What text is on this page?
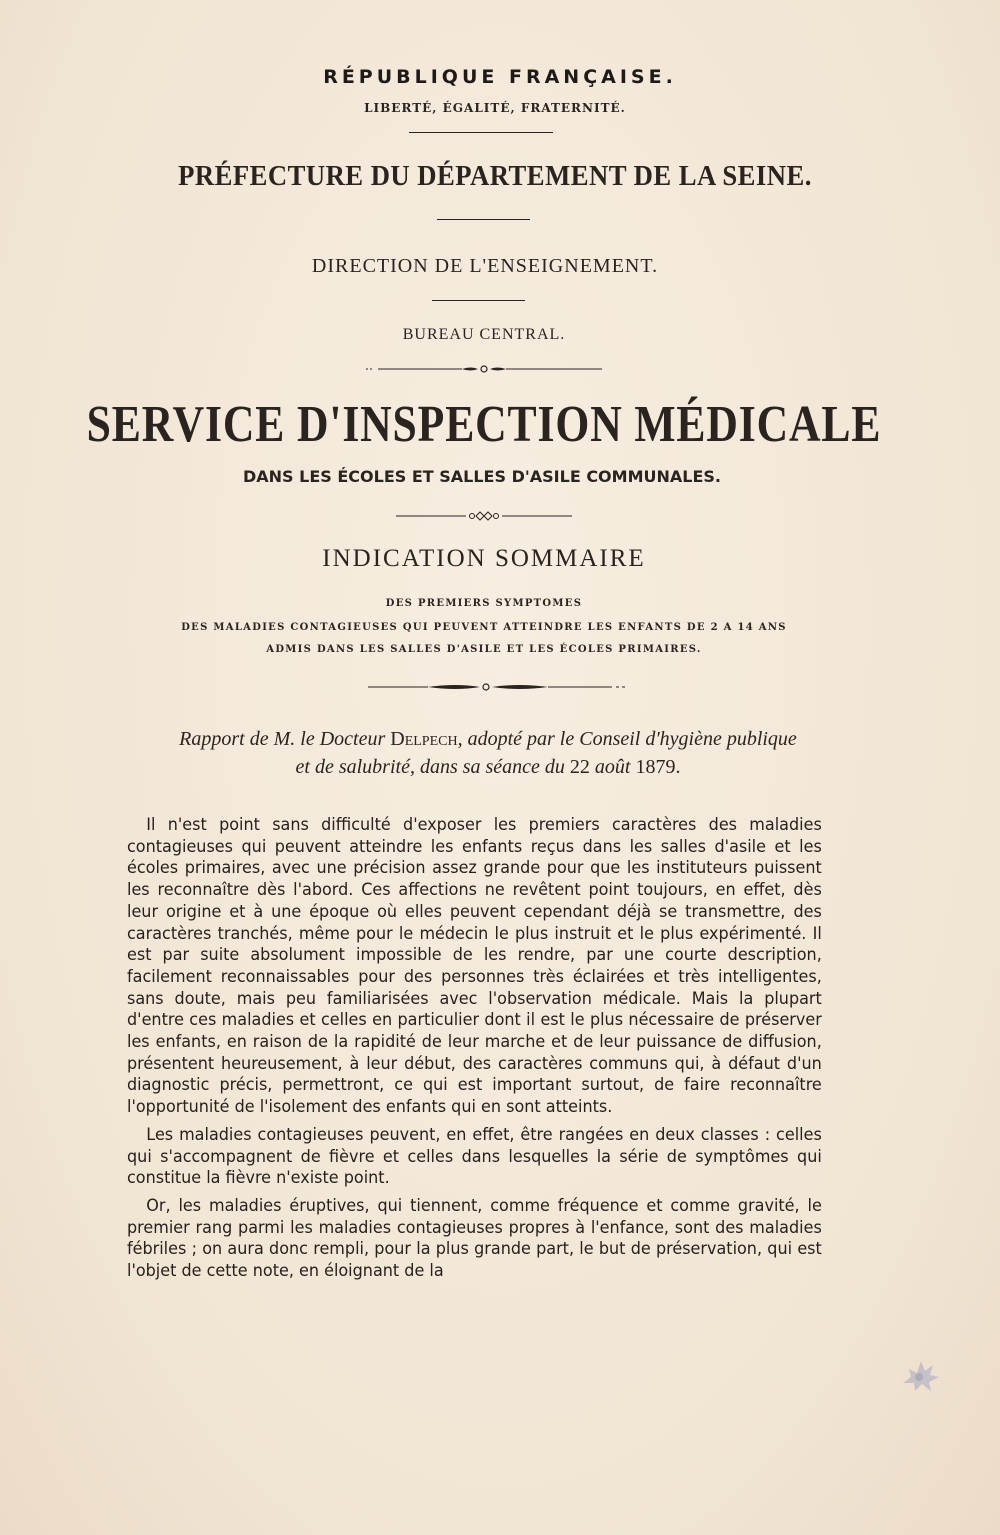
RÉPUBLIQUE FRANÇAISE.
LIBERTÉ, ÉGALITÉ, FRATERNITÉ.
PRÉFECTURE DU DÉPARTEMENT DE LA SEINE.
DIRECTION DE L'ENSEIGNEMENT.
BUREAU CENTRAL.
SERVICE D'INSPECTION MÉDICALE
DANS LES ÉCOLES ET SALLES D'ASILE COMMUNALES.
INDICATION SOMMAIRE
DES PREMIERS SYMPTOMES
DES MALADIES CONTAGIEUSES QUI PEUVENT ATTEINDRE LES ENFANTS DE 2 A 14 ANS
ADMIS DANS LES SALLES D'ASILE ET LES ÉCOLES PRIMAIRES.
Rapport de M. le Docteur Delpech, adopté par le Conseil d'hygiène publique
et de salubrité, dans sa séance du 22 août 1879.

Il n'est point sans difficulté d'exposer les premiers caractères des maladies contagieuses qui peuvent atteindre les enfants reçus dans les salles d'asile et les écoles primaires, avec une précision assez grande pour que les instituteurs puissent les reconnaître dès l'abord. Ces affections ne revêtent point toujours, en effet, dès leur origine et à une époque où elles peuvent cependant déjà se transmettre, des caractères tranchés, même pour le médecin le plus instruit et le plus expérimenté. Il est par suite absolument impossible de les rendre, par une courte description, facilement reconnaissables pour des personnes très éclairées et très intelligentes, sans doute, mais peu familiarisées avec l'observation médicale. Mais la plupart d'entre ces maladies et celles en particulier dont il est le plus nécessaire de préserver les enfants, en raison de la rapidité de leur marche et de leur puissance de diffusion, présentent heureusement, à leur début, des caractères communs qui, à défaut d'un diagnostic précis, permettront, ce qui est important surtout, de faire reconnaître l'opportunité de l'isolement des enfants qui en sont atteints.

Les maladies contagieuses peuvent, en effet, être rangées en deux classes : celles qui s'accompagnent de fièvre et celles dans lesquelles la série de symptômes qui constitue la fièvre n'existe point.

Or, les maladies éruptives, qui tiennent, comme fréquence et comme gravité, le premier rang parmi les maladies contagieuses propres à l'enfance, sont des maladies fébriles ; on aura donc rempli, pour la plus grande part, le but de préservation, qui est l'objet de cette note, en éloignant de la
